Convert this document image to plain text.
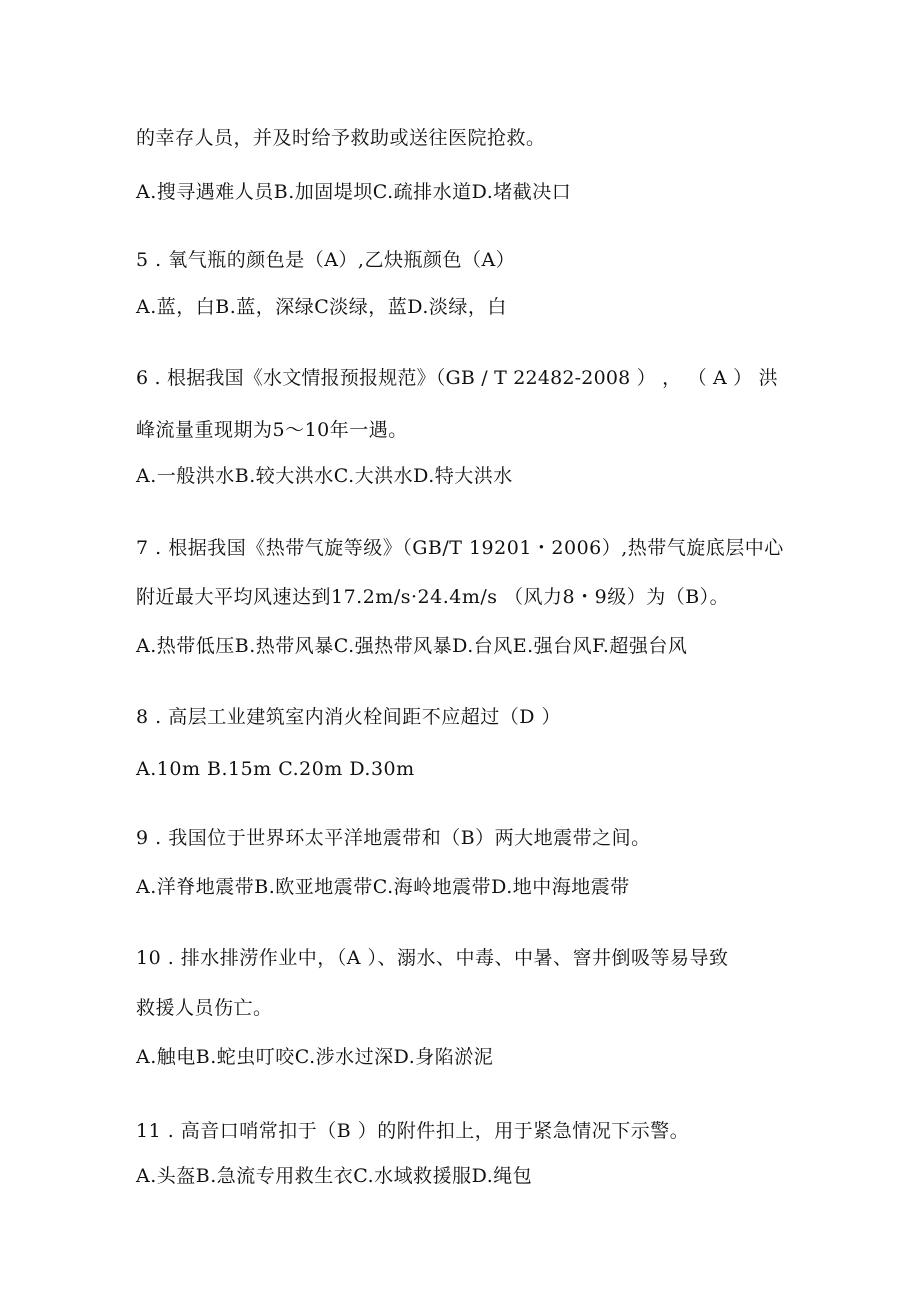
的幸存人员，并及时给予救助或送往医院抢救。
A.搜寻遇难人员B.加固堤坝C.疏排水道D.堵截决口
5 . 氧气瓶的颜色是（A）,乙炔瓶颜色（A）
A.蓝，白B.蓝，深绿C淡绿，蓝D.淡绿，白
6 . 根据我国《水文情报预报规范》（GB / T 22482-2008 ） ， （ A ） 洪
峰流量重现期为5～10年一遇。
A.一般洪水B.较大洪水C.大洪水D.特大洪水
7 . 根据我国《热带气旋等级》（GB/T 19201・2006）,热带气旋底层中心
附近最大平均风速达到17.2m∕s·24.4m∕s （风力8・9级）为（B）。
A.热带低压B.热带风暴C.强热带风暴D.台风E.强台风F.超强台风
8 . 高层工业建筑室内消火栓间距不应超过（D ）
A.10m B.15m C.20m D.30m
9 . 我国位于世界环太平洋地震带和（B）两大地震带之间。
A.洋脊地震带B.欧亚地震带C.海岭地震带D.地中海地震带
10 . 排水排涝作业中，（A ）、溺水、中毒、中暑、窨井倒吸等易导致
救援人员伤亡。
A.触电B.蛇虫叮咬C.涉水过深D.身陷淤泥
11 . 高音口哨常扣于（B ）的附件扣上，用于紧急情况下示警。
A.头盔B.急流专用救生衣C.水域救援服D.绳包
